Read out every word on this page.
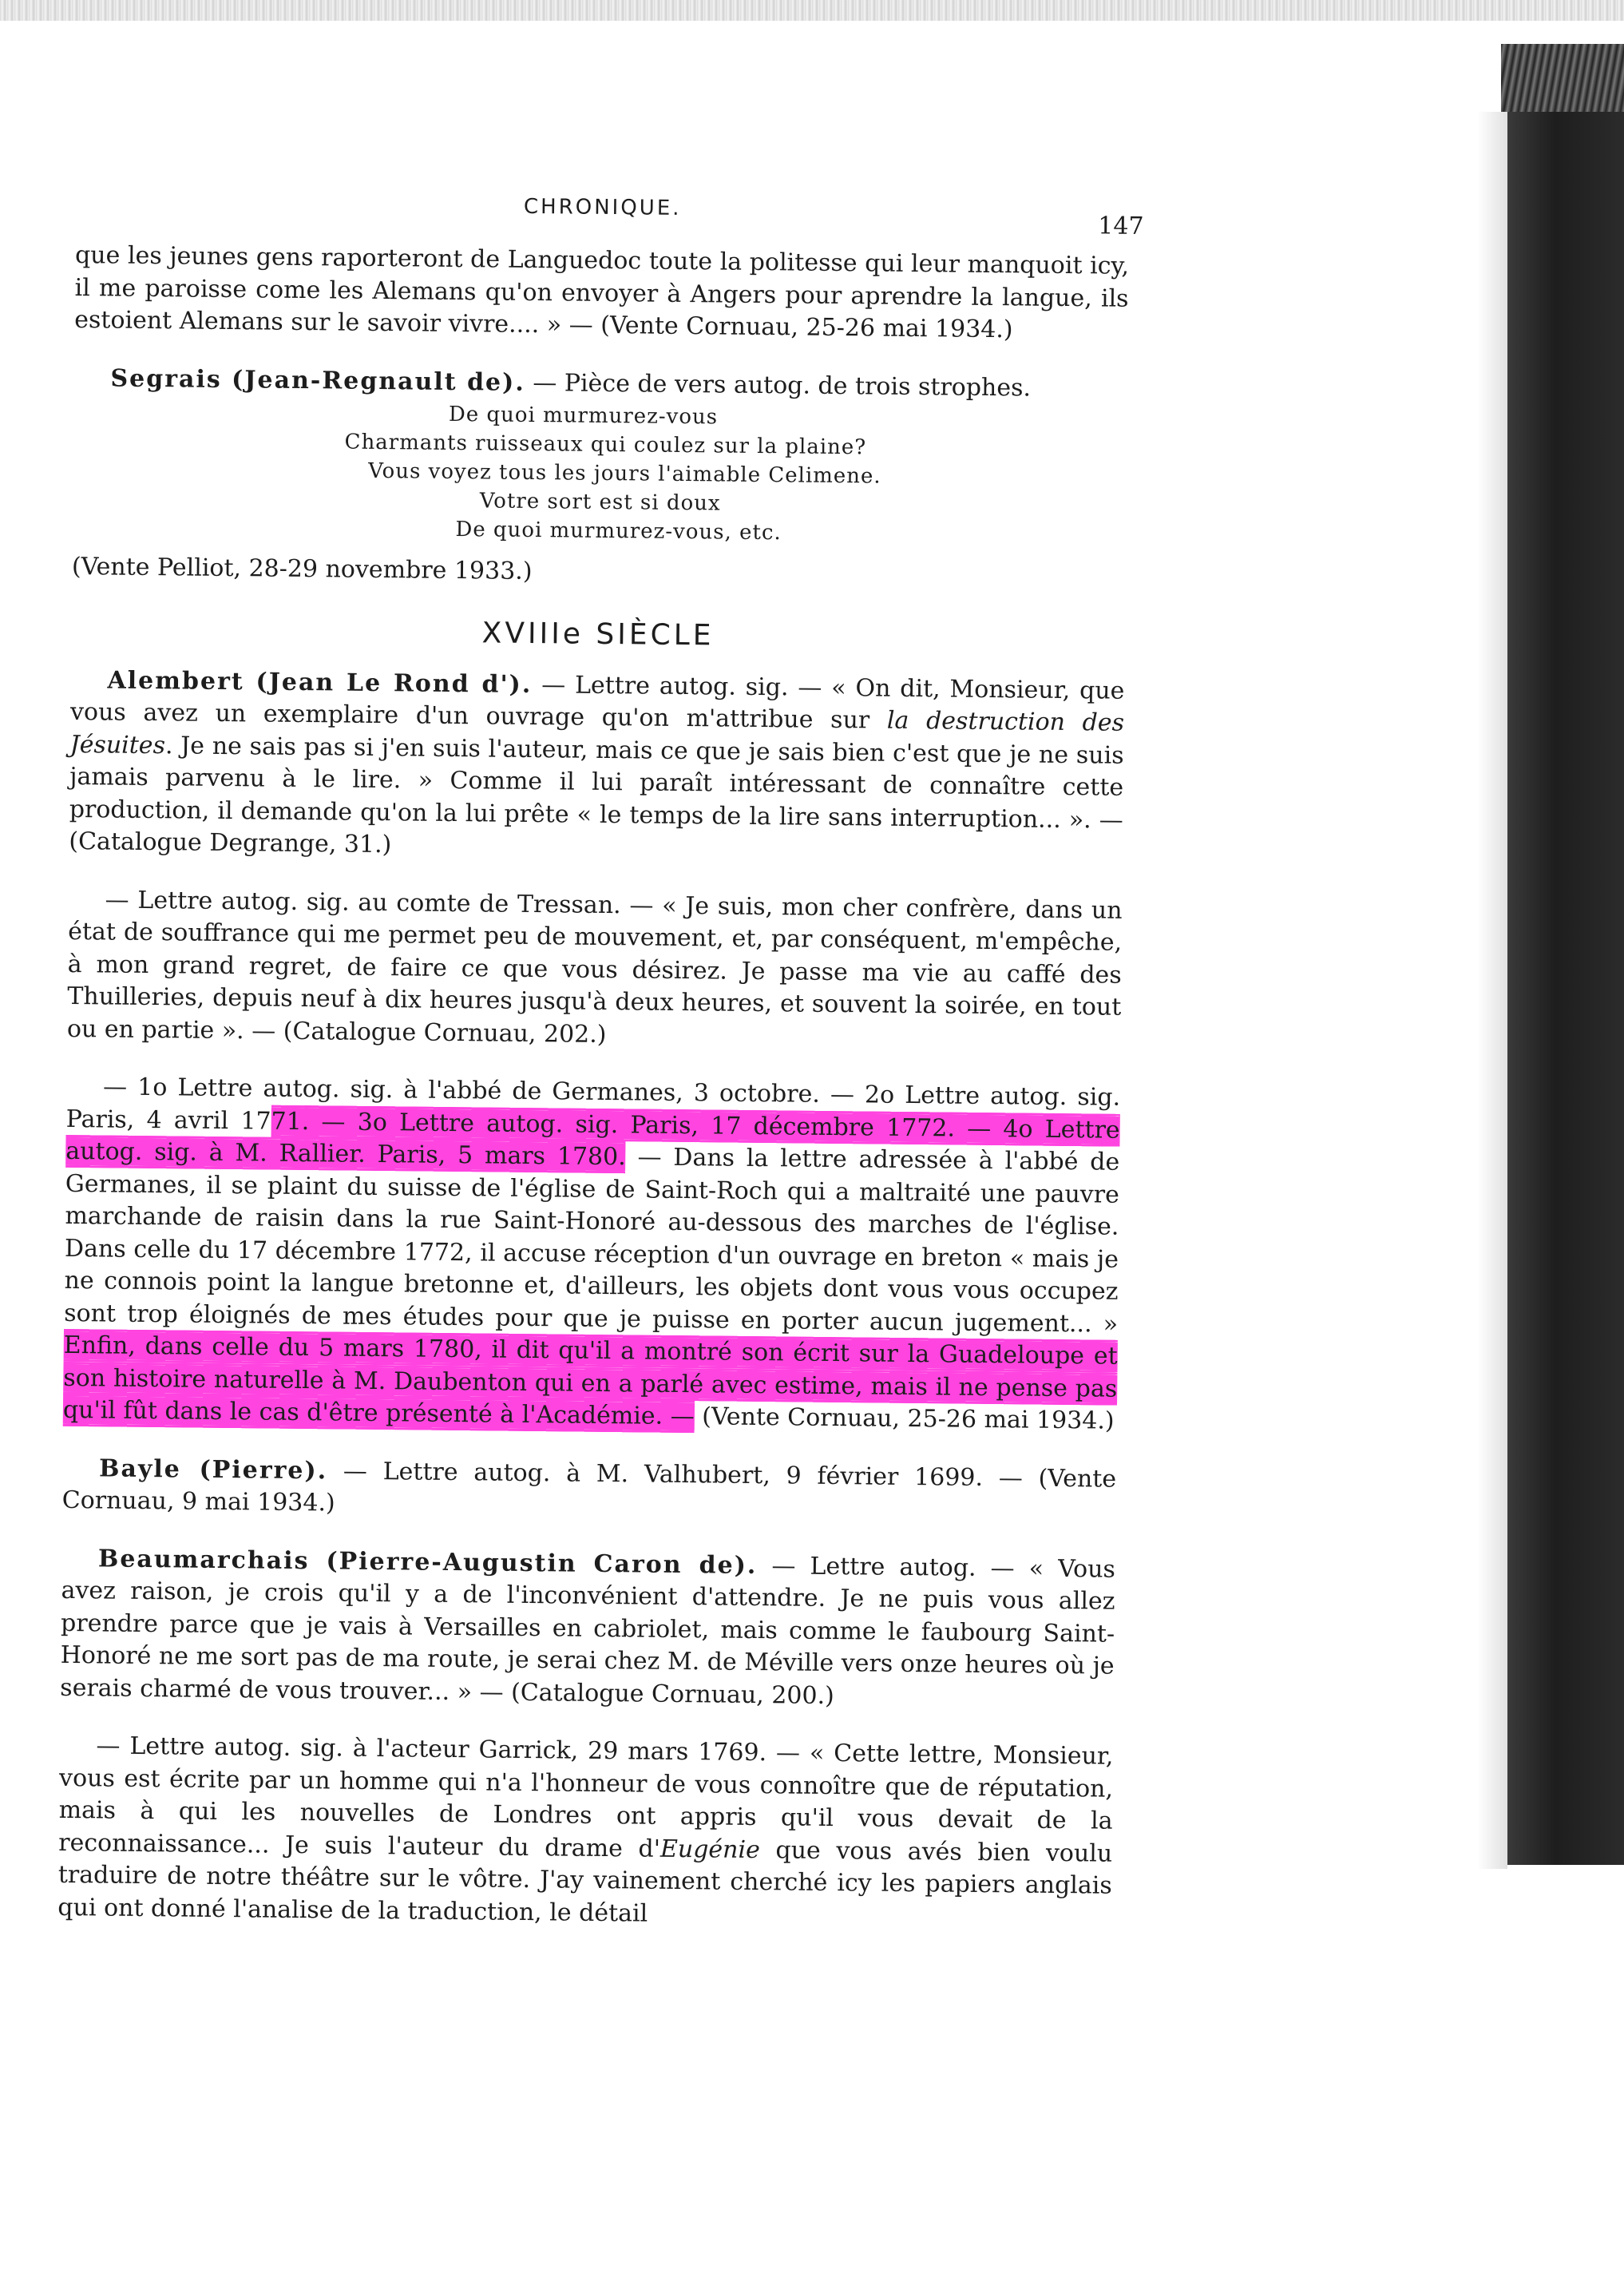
CHRONIQUE.
147

que les jeunes gens raporteront de Languedoc toute la politesse qui leur manquoit icy, il me paroisse come les Alemans qu'on envoyer à Angers pour aprendre la langue, ils estoient Alemans sur le savoir vivre.... » — (Vente Cornuau, 25-26 mai 1934.)

Segrais (Jean-Regnault de). — Pièce de vers autog. de trois strophes.

De quoi murmurez-vous
Charmants ruisseaux qui coulez sur la plaine?
Vous voyez tous les jours l'aimable Celimene.
Votre sort est si doux
De quoi murmurez-vous, etc.

(Vente Pelliot, 28-29 novembre 1933.)

XVIIIe SIÈCLE

Alembert (Jean Le Rond d'). — Lettre autog. sig. — « On dit, Monsieur, que vous avez un exemplaire d'un ouvrage qu'on m'attribue sur la destruction des Jésuites. Je ne sais pas si j'en suis l'auteur, mais ce que je sais bien c'est que je ne suis jamais parvenu à le lire. » Comme il lui paraît intéressant de connaître cette production, il demande qu'on la lui prête « le temps de la lire sans interruption... ». — (Catalogue Degrange, 31.)

— Lettre autog. sig. au comte de Tressan. — « Je suis, mon cher confrère, dans un état de souffrance qui me permet peu de mouvement, et, par conséquent, m'empêche, à mon grand regret, de faire ce que vous désirez. Je passe ma vie au caffé des Thuilleries, depuis neuf à dix heures jusqu'à deux heures, et souvent la soirée, en tout ou en partie ». — (Catalogue Cornuau, 202.)

— 1o Lettre autog. sig. à l'abbé de Germanes, 3 octobre. — 2o Lettre autog. sig. Paris, 4 avril 1771. — 3o Lettre autog. sig. Paris, 17 décembre 1772. — 4o Lettre autog. sig. à M. Rallier. Paris, 5 mars 1780. — Dans la lettre adressée à l'abbé de Germanes, il se plaint du suisse de l'église de Saint-Roch qui a maltraité une pauvre marchande de raisin dans la rue Saint-Honoré au-dessous des marches de l'église. Dans celle du 17 décembre 1772, il accuse réception d'un ouvrage en breton « mais je ne connois point la langue bretonne et, d'ailleurs, les objets dont vous vous occupez sont trop éloignés de mes études pour que je puisse en porter aucun jugement... » Enfin, dans celle du 5 mars 1780, il dit qu'il a montré son écrit sur la Guadeloupe et son histoire naturelle à M. Daubenton qui en a parlé avec estime, mais il ne pense pas qu'il fût dans le cas d'être présenté à l'Académie. — (Vente Cornuau, 25-26 mai 1934.)

Bayle (Pierre). — Lettre autog. à M. Valhubert, 9 février 1699. — (Vente Cornuau, 9 mai 1934.)

Beaumarchais (Pierre-Augustin Caron de). — Lettre autog. — « Vous avez raison, je crois qu'il y a de l'inconvénient d'attendre. Je ne puis vous allez prendre parce que je vais à Versailles en cabriolet, mais comme le faubourg Saint-Honoré ne me sort pas de ma route, je serai chez M. de Méville vers onze heures où je serais charmé de vous trouver... » — (Catalogue Cornuau, 200.)

— Lettre autog. sig. à l'acteur Garrick, 29 mars 1769. — « Cette lettre, Monsieur, vous est écrite par un homme qui n'a l'honneur de vous connoître que de réputation, mais à qui les nouvelles de Londres ont appris qu'il vous devait de la reconnaissance... Je suis l'auteur du drame d'Eugénie que vous avés bien voulu traduire de notre théâtre sur le vôtre. J'ay vainement cherché icy les papiers anglais qui ont donné l'analise de la traduction, le détail
